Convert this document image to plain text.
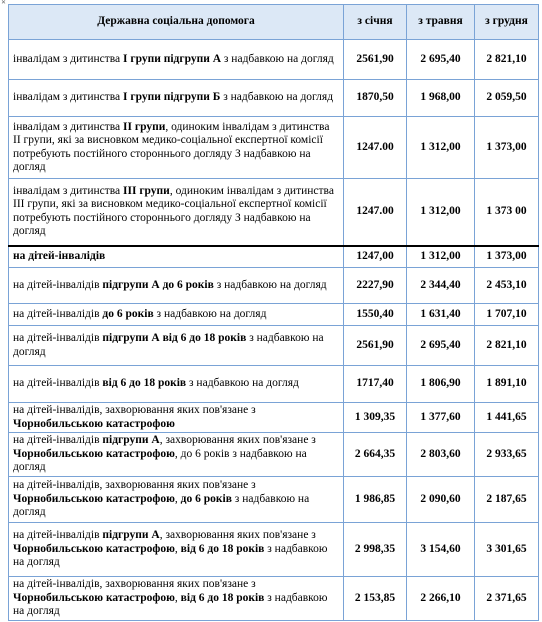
✕
Державна соціальна допомога	з січня	з травня	з грудня
інвалідам з дитинства І групи підгрупи А з надбавкою на догляд	2561,90	2 695,40	2 821,10
інвалідам з дитинства І групи підгрупи Б з надбавкою на догляд	1870,50	1 968,00	2 059,50
інвалідам з дитинства ІІ групи, одиноким інвалідам з дитинства ІІ групи, які за висновком медико-соціальної експертної комісії потребують постійного стороннього догляду З надбавкою на догляд	1247.00	1 312,00	1 373,00
інвалідам з дитинства ІІІ групи, одиноким інвалідам з дитинства ІІІ групи, які за висновком медико-соціальної експертної комісії потребують постійного стороннього догляду З надбавкою на догляд	1247.00	1 312,00	1 373 00
на дітей-інвалідів	1247,00	1 312,00	1 373,00
на дітей-інвалідів підгрупи А до 6 років з надбавкою на догляд	2227,90	2 344,40	2 453,10
на дітей-інвалідів до 6 років з надбавкою на догляд	1550,40	1 631,40	1 707,10
на дітей-інвалідів підгрупи А від 6 до 18 років з надбавкою на догляд	2561,90	2 695,40	2 821,10
на дітей-інвалідів від 6 до 18 років з надбавкою на догляд	1717,40	1 806,90	1 891,10
на дітей-інвалідів, захворювання яких пов'язане з Чорнобильською катастрофою	1 309,35	1 377,60	1 441,65
на дітей-інвалідів підгрупи А, захворювання яких пов'язане з Чорнобильською катастрофою, до 6 років з надбавкою на догляд	2 664,35	2 803,60	2 933,65
на дітей-інвалідів, захворювання яких пов'язане з Чорнобильською катастрофою, до 6 років з надбавкою на догляд	1 986,85	2 090,60	2 187,65
на дітей-інвалідів підгрупи А, захворювання яких пов'язане з Чорнобильською катастрофою, від 6 до 18 років з надбавкою на догляд	2 998,35	3 154,60	3 301,65
на дітей-інвалідів, захворювання яких пов'язане з Чорнобильською катастрофою, від 6 до 18 років з надбавкою на догляд	2 153,85	2 266,10	2 371,65
